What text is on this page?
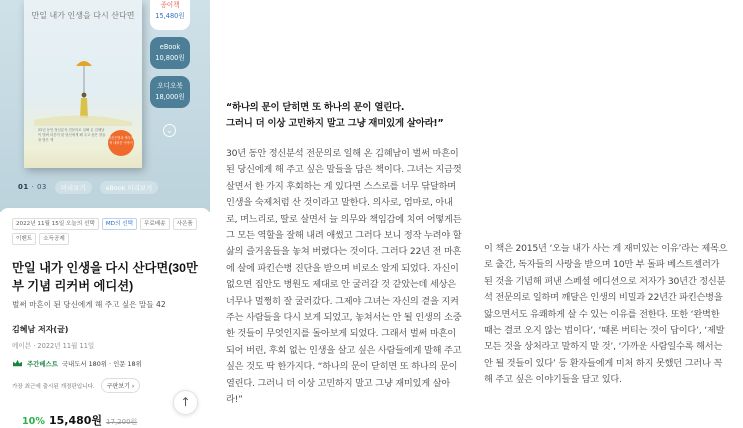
만일 내가 인생을 다시 산다면
22년 동안 정신분석 전문의로 일해 온 김혜남이 벌써 마흔이 된 당신에게 해 주고 싶은 말들을 담은 책	파킨슨병과 싸우며 써 내려간 이야기
종이책
15,480원
eBook
10,800원
오디오북
18,000원
⌄
01 · 03	미리보기	eBook 미리보기
2022년 11월 15일 오늘의 선택	MD의 선택	무료배송	사은품
이벤트	소득공제
만일 내가 인생을 다시 산다면(30만부 기념 리커버 에디션)
벌써 마흔이 된 당신에게 해 주고 싶은 말들 42
김혜남 저자(글)
메이븐 · 2022년 11월 11일
주간베스트 국내도서 180위 · 인문 18위
가장 최근에 출시된 개정판입니다.	구판보기 ›
10% 15,480원 17,200원
↑
“하나의 문이 닫히면 또 하나의 문이 열린다.
그러니 더 이상 고민하지 말고 그냥 재미있게 살아라!”

30년 동안 정신분석 전문의로 일해 온 김혜남이 벌써 마흔이 된 당신에게 해 주고 싶은 말들을 담은 책이다. 그녀는 지금껏 살면서 한 가지 후회하는 게 있다면 스스로를 너무 닦달하며 인생을 숙제처럼 산 것이라고 말한다. 의사로, 엄마로, 아내로, 며느리로, 딸로 살면서 늘 의무와 책임감에 치여 어떻게든 그 모든 역할을 잘해 내려 애썼고 그러다 보니 정작 누려야 할 삶의 즐거움들을 놓쳐 버렸다는 것이다. 그러다 22년 전 마흔에 살에 파킨슨병 진단을 받으며 비로소 알게 되었다. 자신이 없으면 집안도 병원도 제대로 안 굴러갈 것 같았는데 세상은 너무나 멀쩡히 잘 굴러갔다. 그제야 그녀는 자신의 곁을 지켜 주는 사람들을 다시 보게 되었고, 놓쳐서는 안 될 인생의 소중한 것들이 무엇인지를 돌아보게 되었다. 그래서 벌써 마흔이 되어 버린, 후회 없는 인생을 살고 싶은 사람들에게 말해 주고 싶은 것도 딱 한가지다. “하나의 문이 닫히면 또 하나의 문이 열린다. 그러니 더 이상 고민하지 말고 그냥 재미있게 살아라!”

이 책은 2015년 ‘오늘 내가 사는 게 재미있는 이유’라는 제목으로 출간, 독자들의 사랑을 받으며 10만 부 돌파 베스트셀러가 된 것을 기념해 펴낸 스페셜 에디션으로 저자가 30년간 정신분석 전문의로 일하며 깨달은 인생의 비밀과 22년간 파킨슨병을 앓으면서도 유쾌하게 살 수 있는 이유를 전한다. 또한 ‘완벽한 때는 결코 오지 않는 법이다’, ‘때론 버티는 것이 답이다’, ‘제발 모든 것을 상처라고 말하지 말 것’, ‘가까운 사람일수록 해서는 안 될 것들이 있다’ 등 환자들에게 미처 하지 못했던 그러나 꼭 해 주고 싶은 이야기들을 담고 있다.
